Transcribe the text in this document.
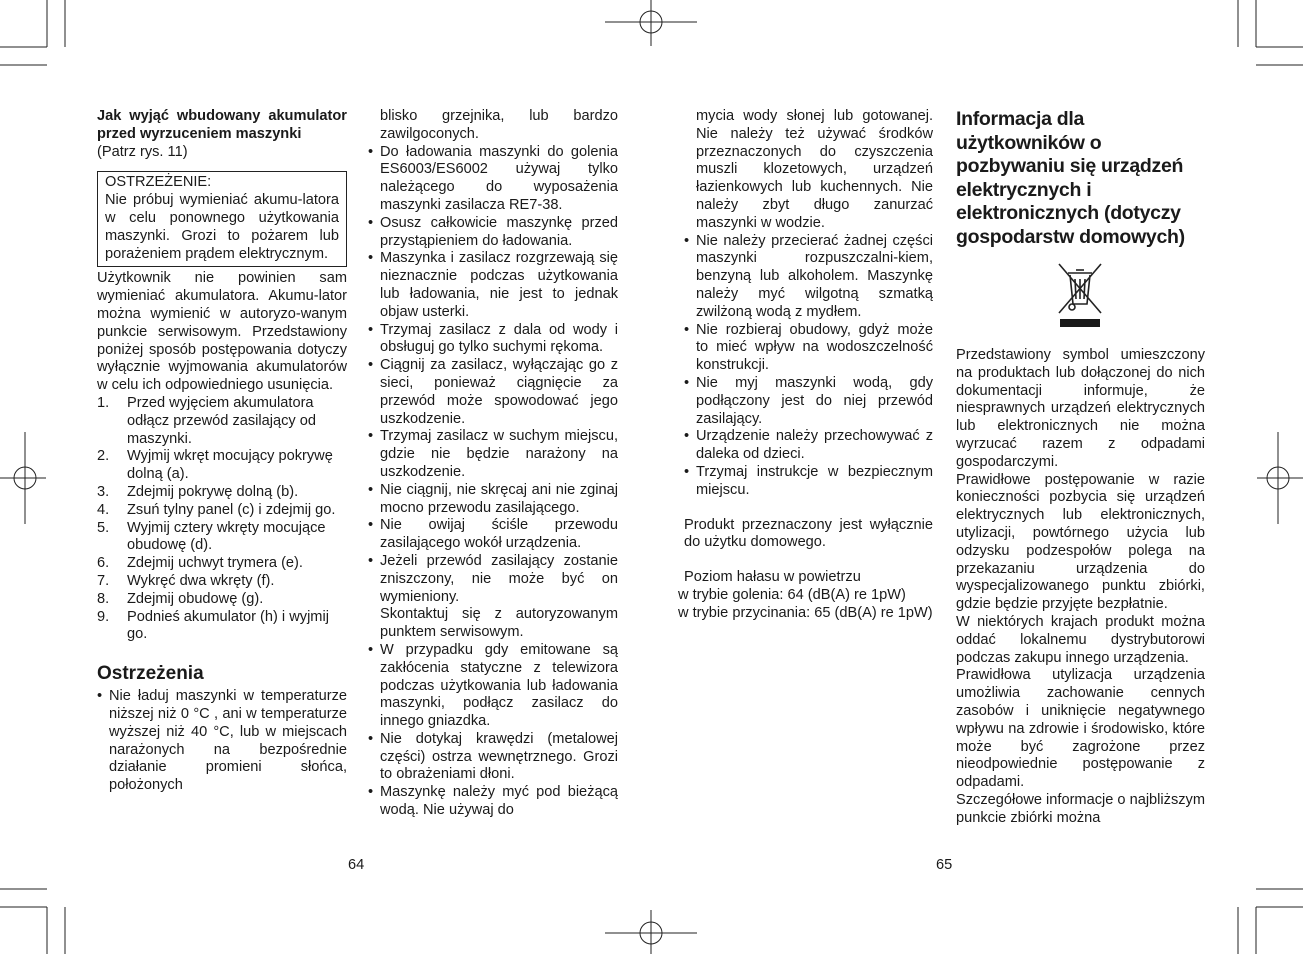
Jak wyjąć wbudowany akumulator przed wyrzuceniem maszynki

(Patrz rys. 11)

OSTRZEŻENIE:

Nie próbuj wymieniać akumu-latora w celu ponownego użytkowania maszynki. Grozi to pożarem lub porażeniem prądem elektrycznym.

Użytkownik nie powinien sam wymieniać akumulatora. Akumu-lator można wymienić w autoryzo-wanym punkcie serwisowym. Przedstawiony poniżej sposób postępowania dotyczy wyłącznie wyjmowania akumulatorów w celu ich odpowiedniego usunięcia.

1. Przed wyjęciem akumulatora odłącz przewód zasilający od maszynki.
2. Wyjmij wkręt mocujący pokrywę dolną (a).
3. Zdejmij pokrywę dolną (b).
4. Zsuń tylny panel (c) i zdejmij go.
5. Wyjmij cztery wkręty mocujące obudowę (d).
6. Zdejmij uchwyt trymera (e).
7. Wykręć dwa wkręty (f).
8. Zdejmij obudowę (g).
9. Podnieś akumulator (h) i wyjmij go.
Ostrzeżenia
• Nie ładuj maszynki w temperaturze niższej niż 0 °C , ani w temperaturze wyższej niż 40 °C, lub w miejscach narażonych na bezpośrednie działanie promieni słońca, położonych
blisko grzejnika, lub bardzo zawilgoconych.
• Do ładowania maszynki do golenia ES6003/ES6002 używaj tylko należącego do wyposażenia maszynki zasilacza RE7-38.
• Osusz całkowicie maszynkę przed przystąpieniem do ładowania.
• Maszynka i zasilacz rozgrzewają się nieznacznie podczas użytkowania lub ładowania, nie jest to jednak objaw usterki.
• Trzymaj zasilacz z dala od wody i obsługuj go tylko suchymi rękoma.
• Ciągnij za zasilacz, wyłączając go z sieci, ponieważ ciągnięcie za przewód może spowodować jego uszkodzenie.
• Trzymaj zasilacz w suchym miejscu, gdzie nie będzie narażony na uszkodzenie.
• Nie ciągnij, nie skręcaj ani nie zginaj mocno przewodu zasilającego.
• Nie owijaj ściśle przewodu zasilającego wokół urządzenia.
• Jeżeli przewód zasilający zostanie zniszczony, nie może być on wymieniony.
Skontaktuj się z autoryzowanym punktem serwisowym.
• W przypadku gdy emitowane są zakłócenia statyczne z telewizora podczas użytkowania lub ładowania maszynki, podłącz zasilacz do innego gniazdka.
• Nie dotykaj krawędzi (metalowej części) ostrza wewnętrznego. Grozi to obrażeniami dłoni.
• Maszynkę należy myć pod bieżącą wodą. Nie używaj do
64
mycia wody słonej lub gotowanej. Nie należy też używać środków przeznaczonych do czyszczenia muszli klozetowych, urządzeń łazienkowych lub kuchennych. Nie należy zbyt długo zanurzać maszynki w wodzie.
• Nie należy przecierać żadnej części maszynki rozpuszczalni-kiem, benzyną lub alkoholem. Maszynkę należy myć wilgotną szmatką zwilżoną wodą z mydłem.
• Nie rozbieraj obudowy, gdyż może to mieć wpływ na wodoszczelność konstrukcji.
• Nie myj maszynki wodą, gdy podłączony jest do niej przewód zasilający.
• Urządzenie należy przechowywać z daleka od dzieci.
• Trzymaj instrukcje w bezpiecznym miejscu.

Produkt przeznaczony jest wyłącznie do użytku domowego.

Poziom hałasu w powietrzu

w trybie golenia: 64 (dB(A) re 1pW)
w trybie przycinania: 65 (dB(A) re 1pW)
65
Informacja dla użytkowników o pozbywaniu się urządzeń elektrycznych i elektronicznych (dotyczy gospodarstw domowych)

Przedstawiony symbol umieszczony na produktach lub dołączonej do nich dokumentacji informuje, że niesprawnych urządzeń elektrycznych lub elektronicznych nie można wyrzucać razem z odpadami gospodarczymi.

Prawidłowe postępowanie w razie konieczności pozbycia się urządzeń elektrycznych lub elektronicznych, utylizacji, powtórnego użycia lub odzysku podzespołów polega na przekazaniu urządzenia do wyspecjalizowanego punktu zbiórki, gdzie będzie przyjęte bezpłatnie.

W niektórych krajach produkt można oddać lokalnemu dystrybutorowi podczas zakupu innego urządzenia.

Prawidłowa utylizacja urządzenia umożliwia zachowanie cennych zasobów i uniknięcie negatywnego wpływu na zdrowie i środowisko, które może być zagrożone przez nieodpowiednie postępowanie z odpadami.

Szczegółowe informacje o najbliższym punkcie zbiórki można
